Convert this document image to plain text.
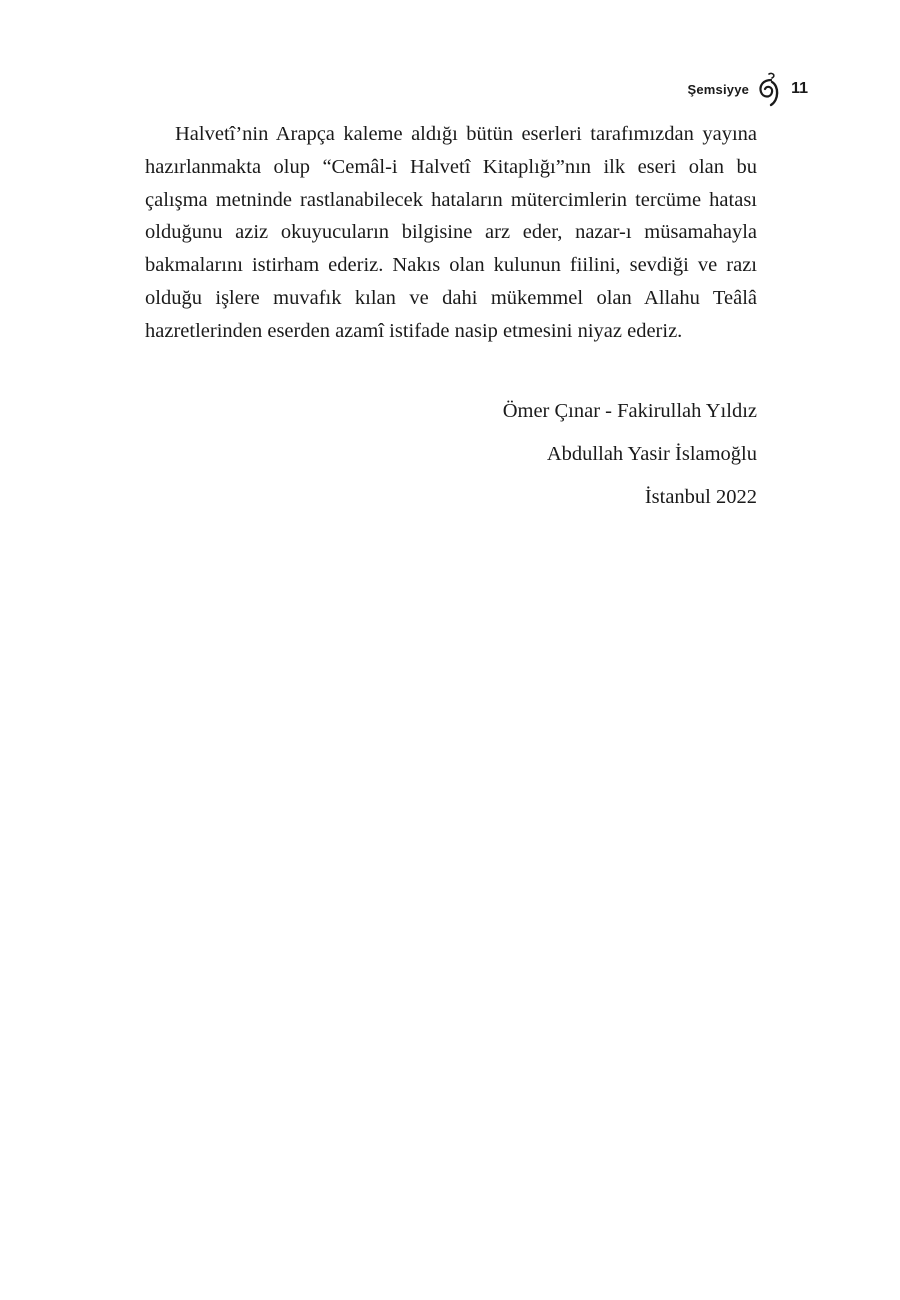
Şemsiyye	11

Halvetî’nin Arapça kaleme aldığı bütün eserleri tarafımızdan yayına hazırlanmakta olup “Cemâl-i Halvetî Kitaplığı”nın ilk eseri olan bu çalışma metninde rastlanabilecek hataların mütercimlerin tercüme hatası olduğunu aziz okuyucuların bilgisine arz eder, nazar-ı müsamahayla bakmalarını istirham ederiz. Nakıs olan kulunun fiilini, sevdiği ve razı olduğu işlere muvafık kılan ve dahi mükemmel olan Allahu Teâlâ hazretlerinden eserden azamî istifade nasip etmesini niyaz ederiz.

Ömer Çınar - Fakirullah Yıldız
Abdullah Yasir İslamoğlu
İstanbul 2022
